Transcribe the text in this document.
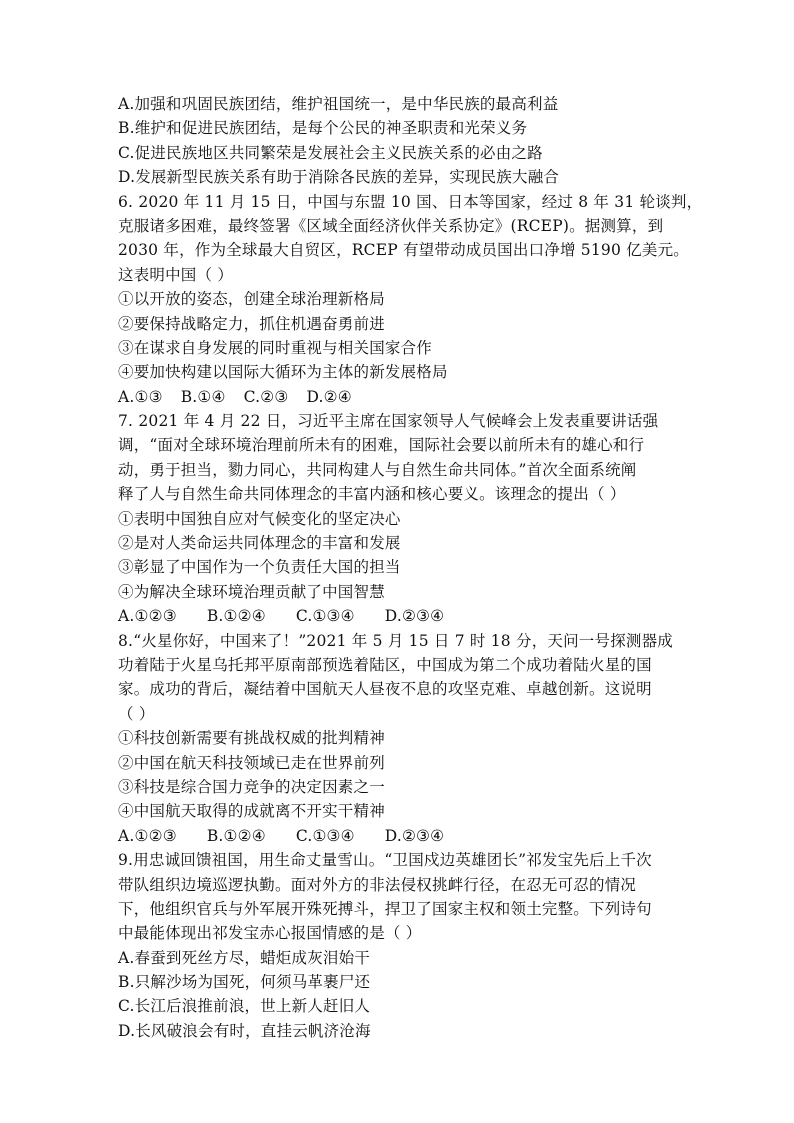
A.加强和巩固民族团结，维护祖国统一，是中华民族的最高利益
B.维护和促进民族团结，是每个公民的神圣职责和光荣义务
C.促进民族地区共同繁荣是发展社会主义民族关系的必由之路
D.发展新型民族关系有助于消除各民族的差异，实现民族大融合
6. 2020 年 11 月 15 日，中国与东盟 10 国、日本等国家，经过 8 年 31 轮谈判，
克服诸多困难，最终签署《区域全面经济伙伴关系协定》(RCEP)。据测算，到
2030 年，作为全球最大自贸区，RCEP 有望带动成员国出口净增 5190 亿美元。
这表明中国（ ）
①以开放的姿态，创建全球治理新格局
②要保持战略定力，抓住机遇奋勇前进
③在谋求自身发展的同时重视与相关国家合作
④要加快构建以国际大循环为主体的新发展格局
A.①③ B.①④ C.②③ D.②④
7. 2021 年 4 月 22 日，习近平主席在国家领导人气候峰会上发表重要讲话强
调，“面对全球环境治理前所未有的困难，国际社会要以前所未有的雄心和行
动，勇于担当，勠力同心，共同构建人与自然生命共同体。”首次全面系统阐
释了人与自然生命共同体理念的丰富内涵和核心要义。该理念的提出（ ）
①表明中国独自应对气候变化的坚定决心
②是对人类命运共同体理念的丰富和发展
③彰显了中国作为一个负责任大国的担当
④为解决全球环境治理贡献了中国智慧
A.①②③ B.①②④ C.①③④ D.②③④
8.“火星你好，中国来了！”2021 年 5 月 15 日 7 时 18 分，天问一号探测器成
功着陆于火星乌托邦平原南部预选着陆区，中国成为第二个成功着陆火星的国
家。成功的背后，凝结着中国航天人昼夜不息的攻坚克难、卓越创新。这说明
（ ）
①科技创新需要有挑战权威的批判精神
②中国在航天科技领域已走在世界前列
③科技是综合国力竞争的决定因素之一
④中国航天取得的成就离不开实干精神
A.①②③ B.①②④ C.①③④ D.②③④
9.用忠诚回馈祖国，用生命丈量雪山。“卫国戍边英雄团长”祁发宝先后上千次
带队组织边境巡逻执勤。面对外方的非法侵权挑衅行径，在忍无可忍的情况
下，他组织官兵与外军展开殊死搏斗，捍卫了国家主权和领土完整。下列诗句
中最能体现出祁发宝赤心报国情感的是（ ）
A.春蚕到死丝方尽，蜡炬成灰泪始干
B.只解沙场为国死，何须马革裹尸还
C.长江后浪推前浪，世上新人赶旧人
D.长风破浪会有时，直挂云帆济沧海
